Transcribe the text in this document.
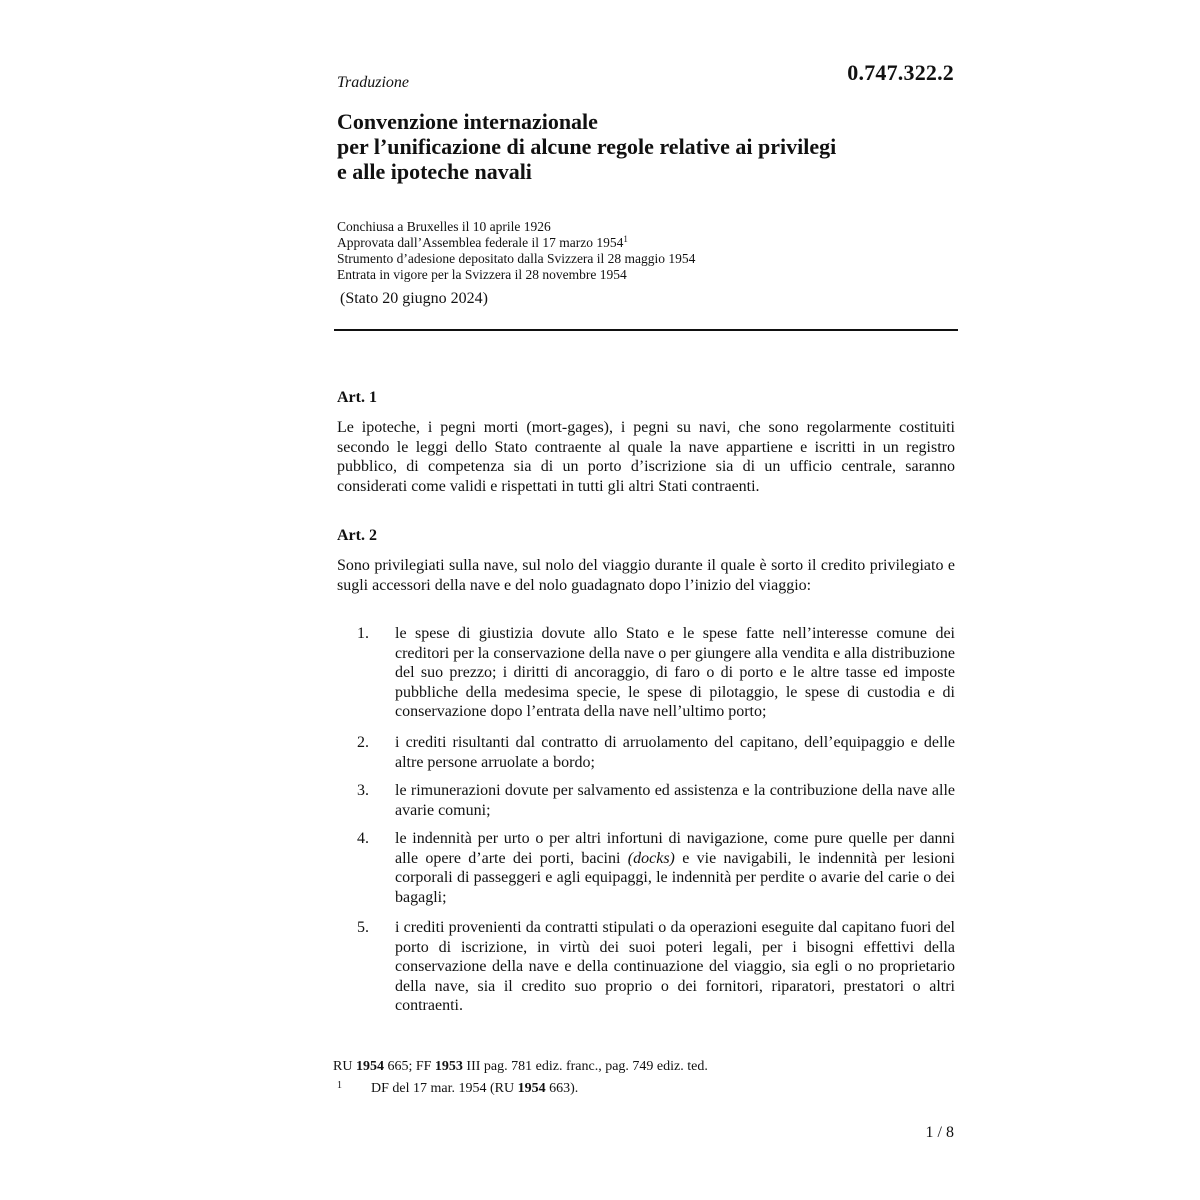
Traduzione	0.747.322.2
Convenzione internazionale
per l’unificazione di alcune regole relative ai privilegi
e alle ipoteche navali
Conchiusa a Bruxelles il 10 aprile 1926
Approvata dall’Assemblea federale il 17 marzo 1954$^1$
Strumento d’adesione depositato dalla Svizzera il 28 maggio 1954
Entrata in vigore per la Svizzera il 28 novembre 1954
(Stato 20 giugno 2024)
Art. 1
Le ipoteche, i pegni morti (mort-gages), i pegni su navi, che sono regolarmente costituiti secondo le leggi dello Stato contraente al quale la nave appartiene e iscritti in un registro pubblico, di competenza sia di un porto d’iscrizione sia di un ufficio centrale, saranno considerati come validi e rispettati in tutti gli altri Stati contraenti.
Art. 2
Sono privilegiati sulla nave, sul nolo del viaggio durante il quale è sorto il credito privilegiato e sugli accessori della nave e del nolo guadagnato dopo l’inizio del viaggio:
1. le spese di giustizia dovute allo Stato e le spese fatte nell’interesse comune dei creditori per la conservazione della nave o per giungere alla vendita e alla distribuzione del suo prezzo; i diritti di ancoraggio, di faro o di porto e le altre tasse ed imposte pubbliche della medesima specie, le spese di pilotaggio, le spese di custodia e di conservazione dopo l’entrata della nave nell’ultimo porto;
2. i crediti risultanti dal contratto di arruolamento del capitano, dell’equipaggio e delle altre persone arruolate a bordo;
3. le rimunerazioni dovute per salvamento ed assistenza e la contribuzione della nave alle avarie comuni;
4. le indennità per urto o per altri infortuni di navigazione, come pure quelle per danni alle opere d’arte dei porti, bacini (docks) e vie navigabili, le indennità per lesioni corporali di passeggeri e agli equipaggi, le indennità per perdite o avarie del carie o dei bagagli;
5. i crediti provenienti da contratti stipulati o da operazioni eseguite dal capitano fuori del porto di iscrizione, in virtù dei suoi poteri legali, per i bisogni effettivi della conservazione della nave e della continuazione del viaggio, sia egli o no proprietario della nave, sia il credito suo proprio o dei fornitori, riparatori, prestatori o altri contraenti.
RU 1954 665; FF 1953 III pag. 781 ediz. franc., pag. 749 ediz. ted.
1 DF del 17 mar. 1954 (RU 1954 663).
1 / 8
